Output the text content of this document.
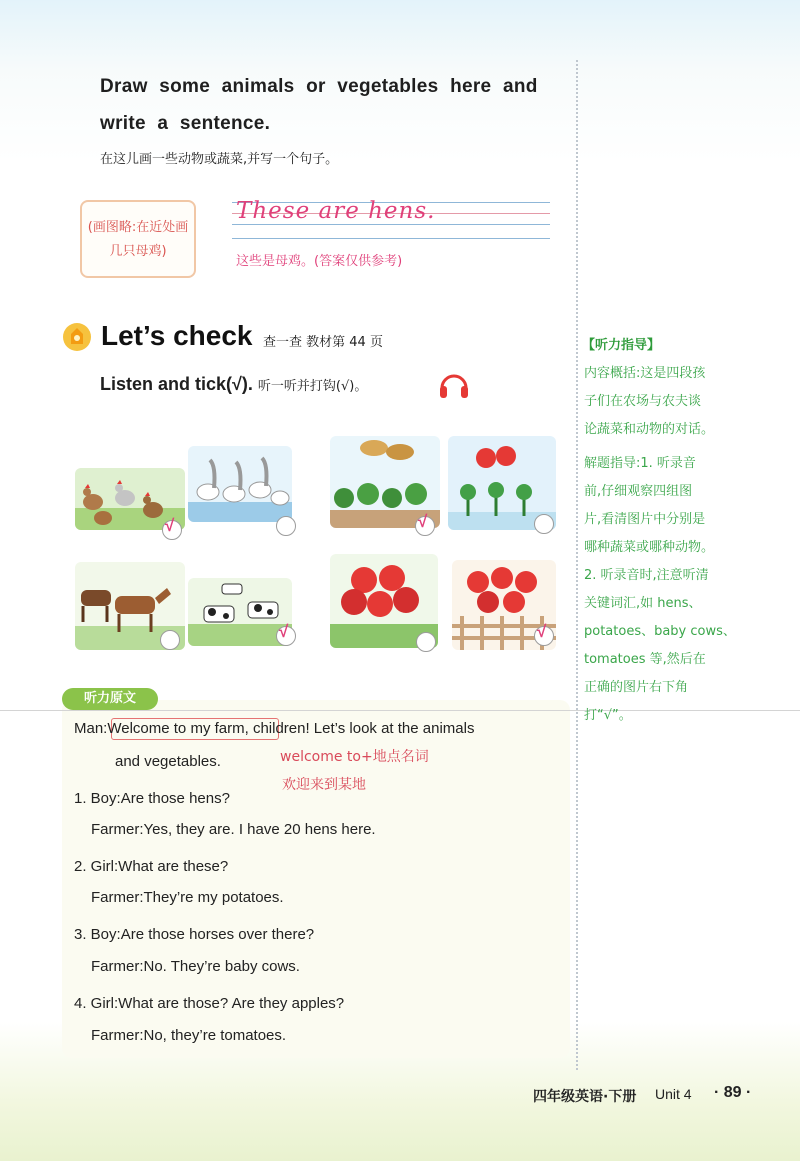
Draw some animals or vegetables here and
write a sentence.
在这儿画一些动物或蔬菜,并写一个句子。
(画图略:在近处画几只母鸡)
These are hens.
这些是母鸡。(答案仅供参考)
Let’s check 查一查 教材第 44 页
Listen and tick(√). 听一听并打钩(√)。
√	√
√	√
听力原文
Man:Welcome to my farm, children! Let’s look at the animals
and vegetables.	welcome to+地点名词
欢迎来到某地
1. Boy:Are those hens?
Farmer:Yes, they are. I have 20 hens here.
2. Girl:What are these?
Farmer:They’re my potatoes.
3. Boy:Are those horses over there?
Farmer:No. They’re baby cows.
4. Girl:What are those? Are they apples?
Farmer:No, they’re tomatoes.
【听力指导】
内容概括:这是四段孩
子们在农场与农夫谈
论蔬菜和动物的对话。
解题指导:1. 听录音
前,仔细观察四组图
片,看清图片中分别是
哪种蔬菜或哪种动物。
2. 听录音时,注意听清
关键词汇,如 hens、
potatoes、baby cows、
tomatoes 等,然后在
正确的图片右下角
打“√”。
四年级英语·下册 Unit 4 · 89 ·
